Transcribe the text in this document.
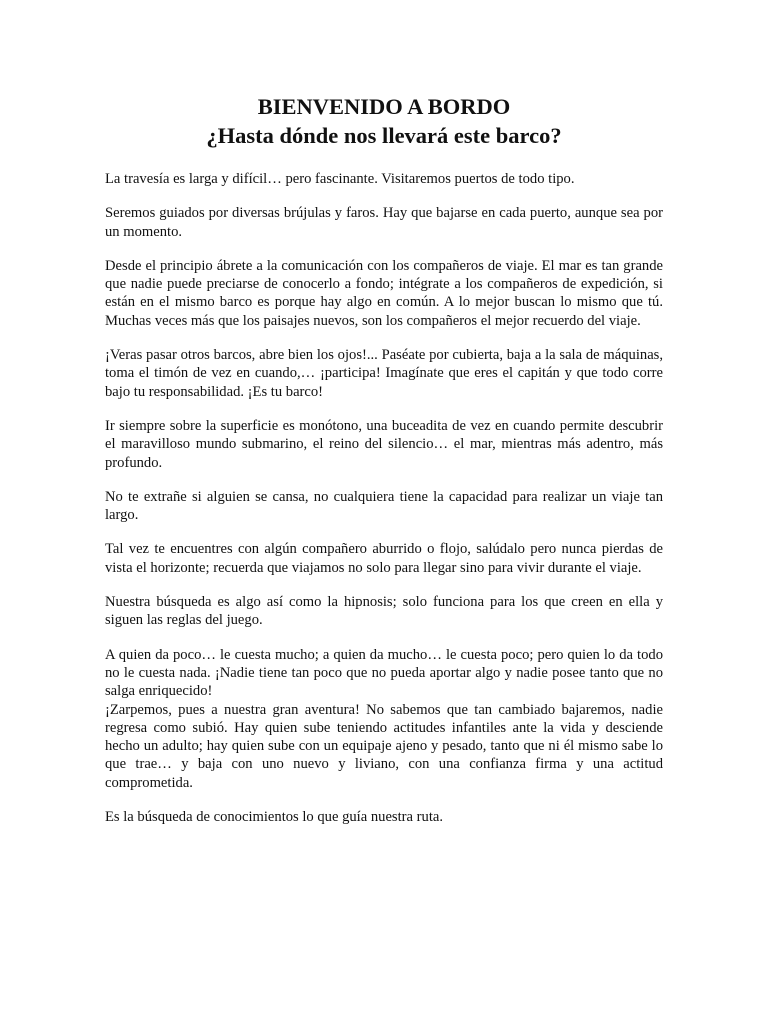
BIENVENIDO A BORDO
¿Hasta dónde nos llevará este barco?

La travesía es larga y difícil… pero fascinante. Visitaremos puertos de todo tipo.

Seremos guiados por diversas brújulas y faros. Hay que bajarse en cada puerto, aunque sea por un momento.

Desde el principio ábrete a la comunicación con los compañeros de viaje. El mar es tan grande que nadie puede preciarse de conocerlo a fondo; intégrate a los compañeros de expedición, si están en el mismo barco es porque hay algo en común. A lo mejor buscan lo mismo que tú. Muchas veces más que los paisajes nuevos, son los compañeros el mejor recuerdo del viaje.

¡Veras pasar otros barcos, abre bien los ojos!... Paséate por cubierta, baja a la sala de máquinas, toma el timón de vez en cuando,… ¡participa! Imagínate que eres el capitán y que todo corre bajo tu responsabilidad. ¡Es tu barco!

Ir siempre sobre la superficie es monótono, una buceadita de vez en cuando permite descubrir el maravilloso mundo submarino, el reino del silencio… el mar, mientras más adentro, más profundo.

No te extrañe si alguien se cansa, no cualquiera tiene la capacidad para realizar un viaje tan largo.

Tal vez te encuentres con algún compañero aburrido o flojo, salúdalo pero nunca pierdas de vista el horizonte; recuerda que viajamos no solo para llegar sino para vivir durante el viaje.

Nuestra búsqueda es algo así como la hipnosis; solo funciona para los que creen en ella y siguen las reglas del juego.

A quien da poco… le cuesta mucho; a quien da mucho… le cuesta poco; pero quien lo da todo no le cuesta nada. ¡Nadie tiene tan poco que no pueda aportar algo y nadie posee tanto que no salga enriquecido!

¡Zarpemos, pues a nuestra gran aventura! No sabemos que tan cambiado bajaremos, nadie regresa como subió. Hay quien sube teniendo actitudes infantiles ante la vida y desciende hecho un adulto; hay quien sube con un equipaje ajeno y pesado, tanto que ni él mismo sabe lo que trae… y baja con uno nuevo y liviano, con una confianza firma y una actitud comprometida.

Es la búsqueda de conocimientos lo que guía nuestra ruta.
